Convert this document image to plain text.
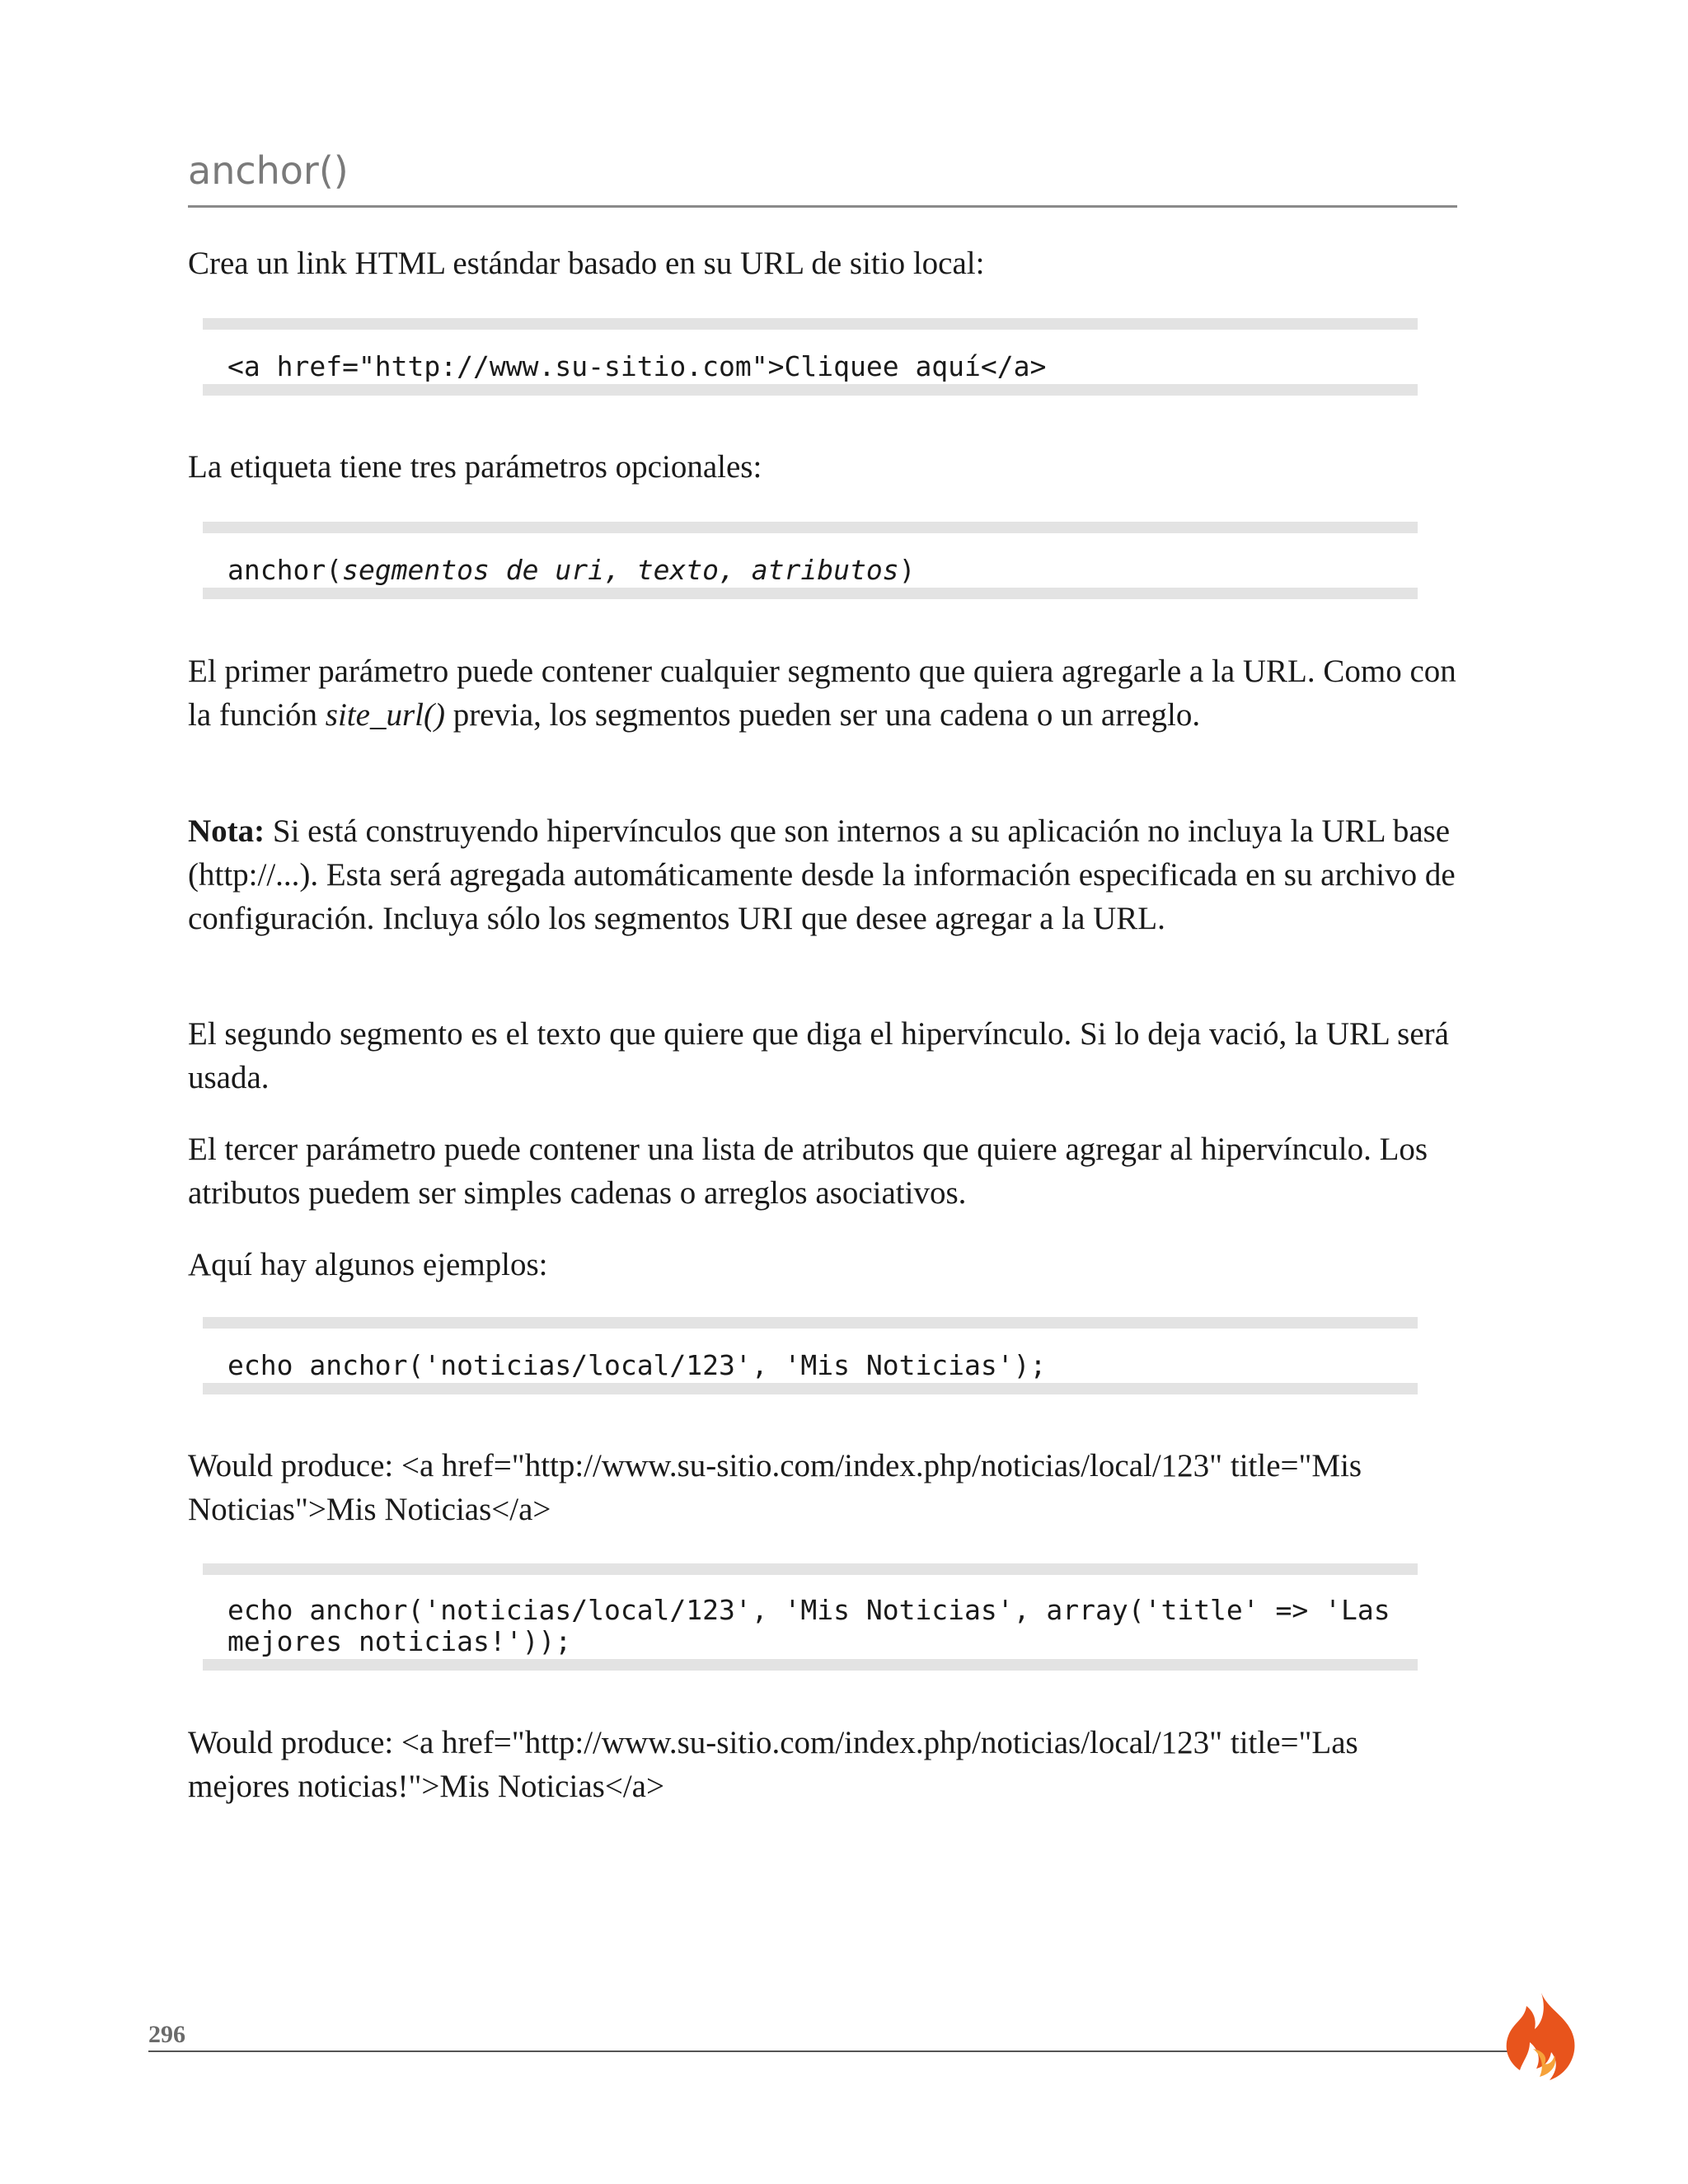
anchor()

Crea un link HTML estándar basado en su URL de sitio local:

<a href="http://www.su-sitio.com">Cliquee aquí</a>

La etiqueta tiene tres parámetros opcionales:

anchor(segmentos de uri, texto, atributos)

El primer parámetro puede contener cualquier segmento que quiera agregarle a la URL. Como con la función site_url() previa, los segmentos pueden ser una cadena o un arreglo.

Nota: Si está construyendo hipervínculos que son internos a su aplicación no incluya la URL base (http://...). Esta será agregada automáticamente desde la información especificada en su archivo de configuración. Incluya sólo los segmentos URI que desee agregar a la URL.

El segundo segmento es el texto que quiere que diga el hipervínculo. Si lo deja vació, la URL será usada.

El tercer parámetro puede contener una lista de atributos que quiere agregar al hipervínculo. Los atributos puedem ser simples cadenas o arreglos asociativos.

Aquí hay algunos ejemplos:

echo anchor('noticias/local/123', 'Mis Noticias');

Would produce: <a href="http://www.su-sitio.com/index.php/noticias/local/123" title="Mis Noticias">Mis Noticias</a>

echo anchor('noticias/local/123', 'Mis Noticias', array('title' => 'Las
mejores noticias!'));

Would produce: <a href="http://www.su-sitio.com/index.php/noticias/local/123" title="Las mejores noticias!">Mis Noticias</a>

296
